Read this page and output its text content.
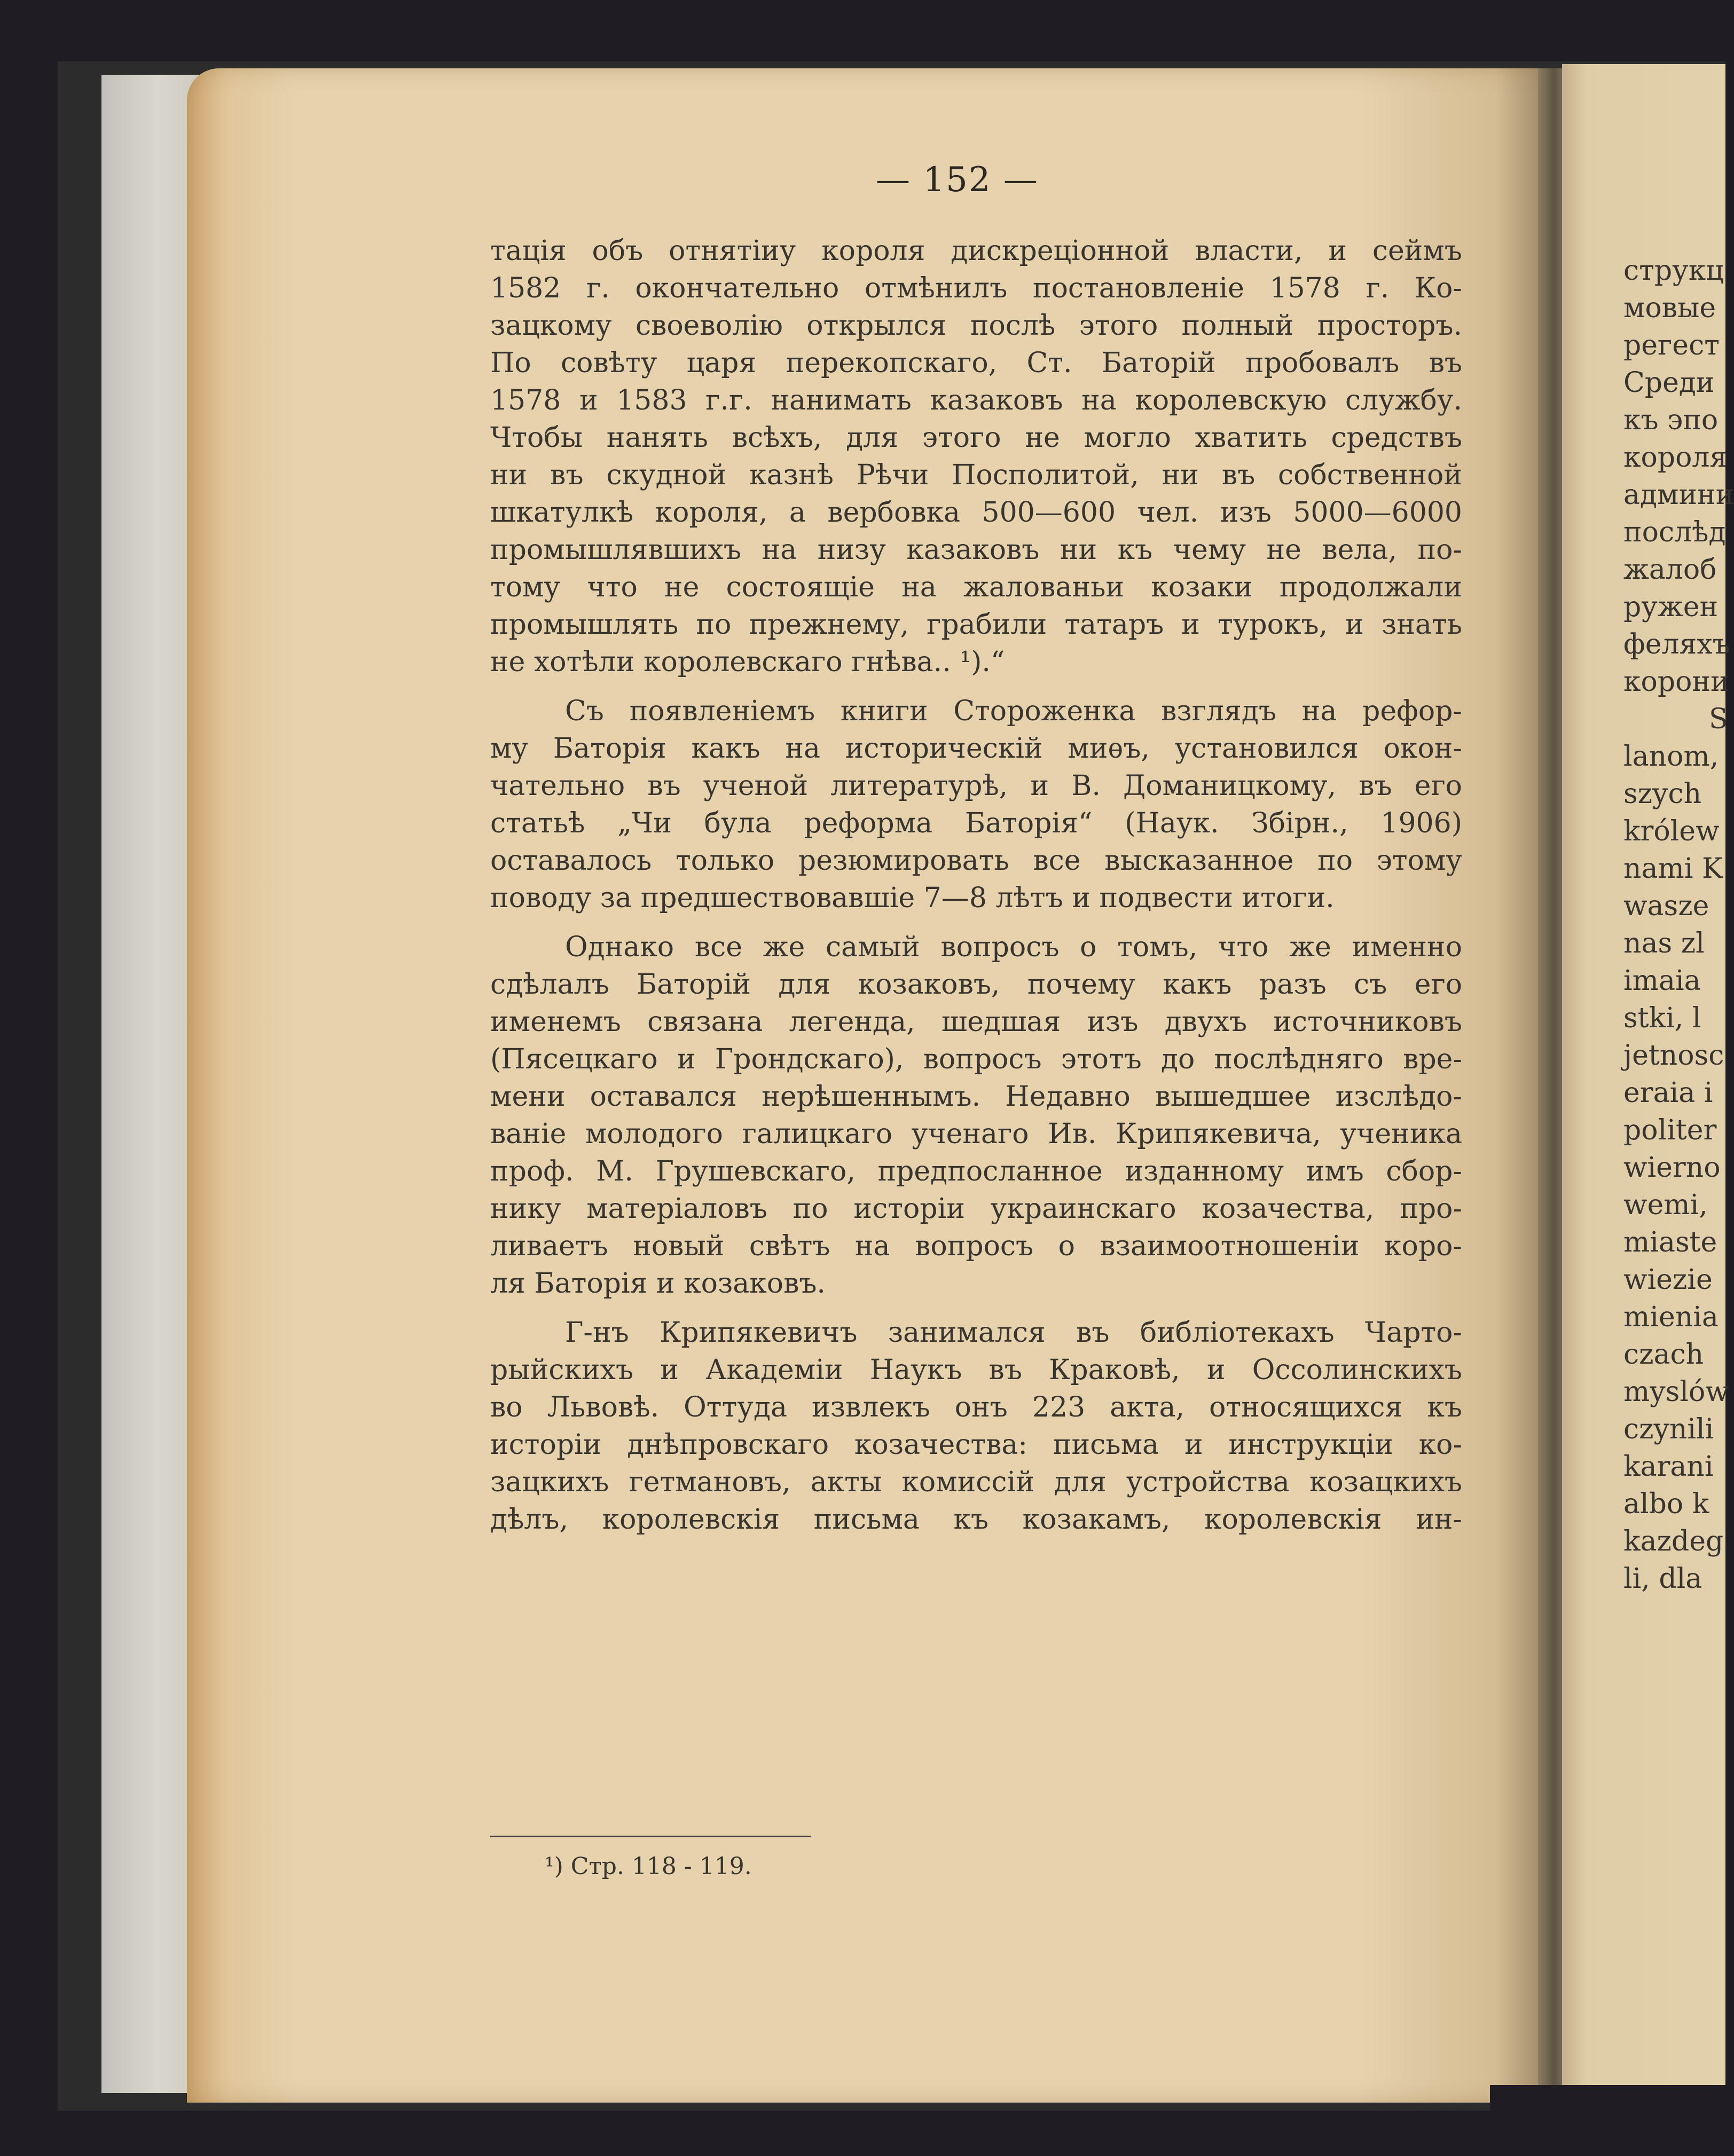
— 152 —
тація объ отнятіиу короля дискреціонной власти, и сеймъ
1582 г. окончательно отмѣнилъ постановленіе 1578 г. Ко-
зацкому своеволію открылся послѣ этого полный просторъ.
По совѣту царя перекопскаго, Ст. Баторій пробовалъ въ
1578 и 1583 г.г. нанимать казаковъ на королевскую службу.
Чтобы нанять всѣхъ, для этого не могло хватить средствъ
ни въ скудной казнѣ Рѣчи Посполитой, ни въ собственной
шкатулкѣ короля, а вербовка 500—600 чел. изъ 5000—6000
промышлявшихъ на низу казаковъ ни къ чему не вела, по-
тому что не состоящіе на жалованьи козаки продолжали
промышлять по прежнему, грабили татаръ и турокъ, и знать
не хотѣли королевскаго гнѣва.. ¹).“
Съ появленіемъ книги Стороженка взглядъ на рефор-
му Баторія какъ на историческій миѳъ, установился окон-
чательно въ ученой литературѣ, и В. Доманицкому, въ его
статьѣ „Чи була реформа Баторія“ (Наук. Збірн., 1906)
оставалось только резюмировать все высказанное по этому
поводу за предшествовавшіе 7—8 лѣтъ и подвести итоги.
Однако все же самый вопросъ о томъ, что же именно
сдѣлалъ Баторій для козаковъ, почему какъ разъ съ его
именемъ связана легенда, шедшая изъ двухъ источниковъ
(Пясецкаго и Грондскаго), вопросъ этотъ до послѣдняго вре-
мени оставался нерѣшеннымъ. Недавно вышедшее изслѣдо-
ваніе молодого галицкаго ученаго Ив. Крипякевича, ученика
проф. М. Грушевскаго, предпосланное изданному имъ сбор-
нику матеріаловъ по исторіи украинскаго козачества, про-
ливаетъ новый свѣтъ на вопросъ о взаимоотношеніи коро-
ля Баторія и козаковъ.
Г-нъ Крипякевичъ занимался въ библіотекахъ Чарто-
рыйскихъ и Академіи Наукъ въ Краковѣ, и Оссолинскихъ
во Львовѣ. Оттуда извлекъ онъ 223 акта, относящихся къ
исторіи днѣпровскаго козачества: письма и инструкціи ко-
зацкихъ гетмановъ, акты комиссій для устройства козацкихъ
дѣлъ, королевскія письма къ козакамъ, королевскія ин-
¹) Стр. 118 - 119.
струкц
мовые
регест
Среди
къ эпо
короля
админи
послѣд
жалоб
ружен
феляхъ
корони
S
lanom,
szych
królew
nami K
wasze
nas zl
imaia
stki, l
jetnosc
eraia i
politer
wierno
wemi,
miaste
wiezie
mienia
czach
myslów
czynili
karani
albo k
kazdeg
li, dla
